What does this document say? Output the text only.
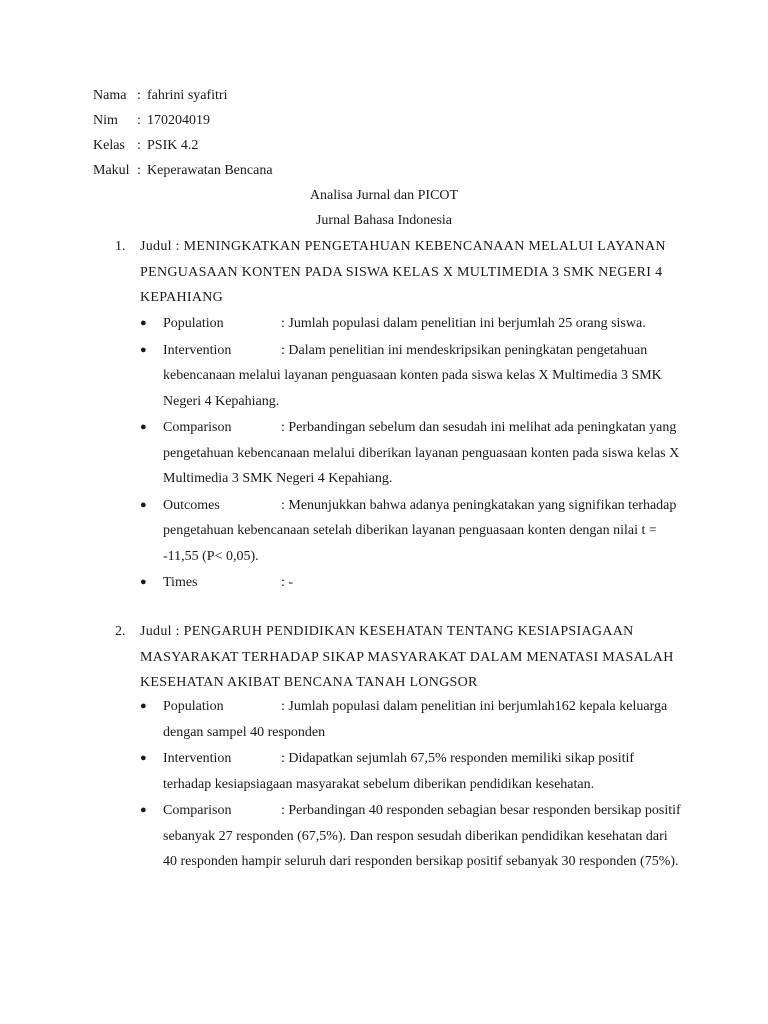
Nama : fahrini syafitri
Nim : 170204019
Kelas : PSIK 4.2
Makul : Keperawatan Bencana
Analisa Jurnal dan PICOT
Jurnal Bahasa Indonesia
1. Judul : MENINGKATKAN PENGETAHUAN KEBENCANAAN MELALUI LAYANAN PENGUASAAN KONTEN PADA SISWA KELAS X MULTIMEDIA 3 SMK NEGERI 4 KEPAHIANG
● Population	: Jumlah populasi dalam penelitian ini berjumlah 25 orang siswa.
● Intervention	: Dalam penelitian ini mendeskripsikan peningkatan pengetahuan kebencanaan melalui layanan penguasaan konten pada siswa kelas X Multimedia 3 SMK Negeri 4 Kepahiang.
● Comparison	: Perbandingan sebelum dan sesudah ini melihat ada peningkatan yang pengetahuan kebencanaan melalui diberikan layanan penguasaan konten pada siswa kelas X Multimedia 3 SMK Negeri 4 Kepahiang.
● Outcomes	: Menunjukkan bahwa adanya peningkatakan yang signifikan terhadap pengetahuan kebencanaan setelah diberikan layanan penguasaan konten dengan nilai t = -11,55 (P< 0,05).
● Times	: -
2. Judul : PENGARUH PENDIDIKAN KESEHATAN TENTANG KESIAPSIAGAAN MASYARAKAT TERHADAP SIKAP MASYARAKAT DALAM MENATASI MASALAH KESEHATAN AKIBAT BENCANA TANAH LONGSOR
● Population	: Jumlah populasi dalam penelitian ini berjumlah162 kepala keluarga dengan sampel 40 responden
● Intervention	: Didapatkan sejumlah 67,5% responden memiliki sikap positif terhadap kesiapsiagaan masyarakat sebelum diberikan pendidikan kesehatan.
● Comparison	: Perbandingan 40 responden sebagian besar responden bersikap positif sebanyak 27 responden (67,5%). Dan respon sesudah diberikan pendidikan kesehatan dari 40 responden hampir seluruh dari responden bersikap positif sebanyak 30 responden (75%).
